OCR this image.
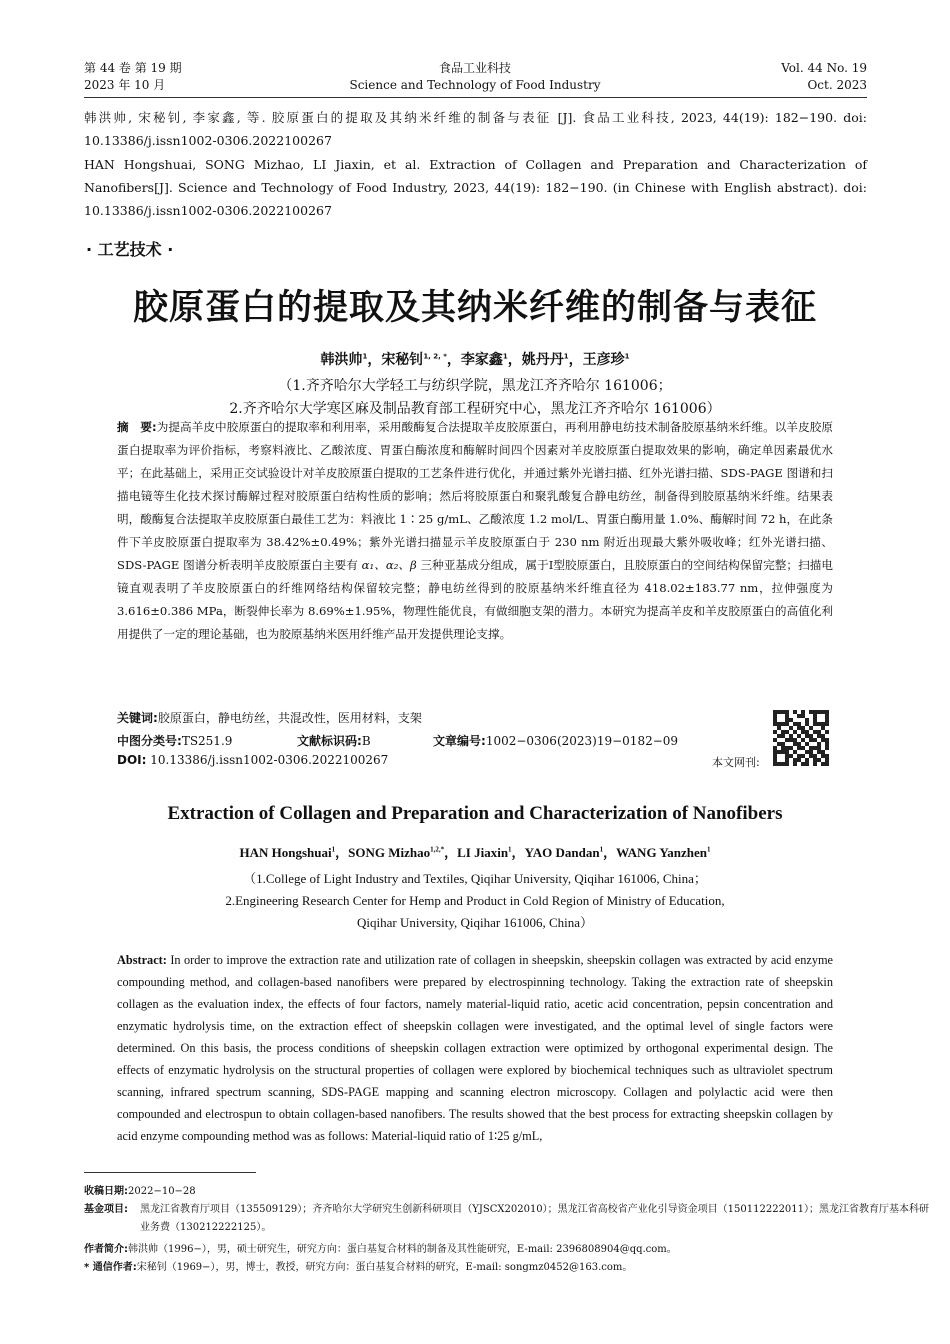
第 44 卷 第 19 期
2023 年 10 月
食品工业科技
Science and Technology of Food Industry
Vol. 44 No. 19
Oct. 2023
韩洪帅, 宋秘钊, 李家鑫, 等. 胶原蛋白的提取及其纳米纤维的制备与表征 [J]. 食品工业科技, 2023, 44(19): 182−190. doi: 10.13386/j.issn1002-0306.2022100267
HAN Hongshuai, SONG Mizhao, LI Jiaxin, et al. Extraction of Collagen and Preparation and Characterization of Nanofibers[J]. Science and Technology of Food Industry, 2023, 44(19): 182−190. (in Chinese with English abstract). doi: 10.13386/j.issn1002-0306.2022100267
· 工艺技术 ·
胶原蛋白的提取及其纳米纤维的制备与表征
韩洪帅$^1$，宋秘钊$^{1, 2, *}$，李家鑫$^1$，姚丹丹$^1$，王彦珍$^1$
（1.齐齐哈尔大学轻工与纺织学院，黑龙江齐齐哈尔 161006；
2.齐齐哈尔大学寒区麻及制品教育部工程研究中心，黑龙江齐齐哈尔 161006）
摘　要:为提高羊皮中胶原蛋白的提取率和利用率，采用酸酶复合法提取羊皮胶原蛋白，再利用静电纺技术制备胶原基纳米纤维。以羊皮胶原蛋白提取率为评价指标，考察料液比、乙酸浓度、胃蛋白酶浓度和酶解时间四个因素对羊皮胶原蛋白提取效果的影响，确定单因素最优水平；在此基础上，采用正交试验设计对羊皮胶原蛋白提取的工艺条件进行优化，并通过紫外光谱扫描、红外光谱扫描、SDS-PAGE 图谱和扫描电镜等生化技术探讨酶解过程对胶原蛋白结构性质的影响；然后将胶原蛋白和聚乳酸复合静电纺丝，制备得到胶原基纳米纤维。结果表明，酸酶复合法提取羊皮胶原蛋白最佳工艺为：料液比 1∶25 g/mL、乙酸浓度 1.2 mol/L、胃蛋白酶用量 1.0%、酶解时间 72 h，在此条件下羊皮胶原蛋白提取率为 38.42%±0.49%；紫外光谱扫描显示羊皮胶原蛋白于 230 nm 附近出现最大紫外吸收峰；红外光谱扫描、SDS-PAGE 图谱分析表明羊皮胶原蛋白主要有 α₁、α₂、β 三种亚基成分组成，属于Ⅰ型胶原蛋白，且胶原蛋白的空间结构保留完整；扫描电镜直观表明了羊皮胶原蛋白的纤维网络结构保留较完整；静电纺丝得到的胶原基纳米纤维直径为 418.02±183.77 nm，拉伸强度为 3.616±0.386 MPa，断裂伸长率为 8.69%±1.95%，物理性能优良，有做细胞支架的潜力。本研究为提高羊皮和羊皮胶原蛋白的高值化利用提供了一定的理论基础，也为胶原基纳米医用纤维产品开发提供理论支撑。
关键词:胶原蛋白，静电纺丝，共混改性，医用材料，支架
中图分类号:TS251.9	文献标识码:B	文章编号:1002−0306(2023)19−0182−09
DOI: 10.13386/j.issn1002-0306.2022100267	本文网刊:
Extraction of Collagen and Preparation and Characterization of Nanofibers
HAN Hongshuai$^1$，SONG Mizhao$^{1,2,*}$，LI Jiaxin$^1$，YAO Dandan$^1$，WANG Yanzhen$^1$
（1.College of Light Industry and Textiles, Qiqihar University, Qiqihar 161006, China；
2.Engineering Research Center for Hemp and Product in Cold Region of Ministry of Education,
Qiqihar University, Qiqihar 161006, China）
Abstract: In order to improve the extraction rate and utilization rate of collagen in sheepskin, sheepskin collagen was extracted by acid enzyme compounding method, and collagen-based nanofibers were prepared by electrospinning technology. Taking the extraction rate of sheepskin collagen as the evaluation index, the effects of four factors, namely material-liquid ratio, acetic acid concentration, pepsin concentration and enzymatic hydrolysis time, on the extraction effect of sheepskin collagen were investigated, and the optimal level of single factors were determined. On this basis, the process conditions of sheepskin collagen extraction were optimized by orthogonal experimental design. The effects of enzymatic hydrolysis on the structural properties of collagen were explored by biochemical techniques such as ultraviolet spectrum scanning, infrared spectrum scanning, SDS-PAGE mapping and scanning electron microscopy. Collagen and polylactic acid were then compounded and electrospun to obtain collagen-based nanofibers. The results showed that the best process for extracting sheepskin collagen by acid enzyme compounding method was as follows: Material-liquid ratio of 1∶25 g/mL,
收稿日期:2022−10−28
基金项目: 黑龙江省教育厅项目（135509129）；齐齐哈尔大学研究生创新科研项目（YJSCX202010）；黑龙江省高校省产业化引导资金项目（150112222011）；黑龙江省教育厅基本科研业务费（130212222125）。
作者简介:韩洪帅（1996−），男，硕士研究生，研究方向：蛋白基复合材料的制备及其性能研究，E-mail: 2396808904@qq.com。
* 通信作者:宋秘钊（1969−），男，博士，教授，研究方向：蛋白基复合材料的研究，E-mail: songmz0452@163.com。
